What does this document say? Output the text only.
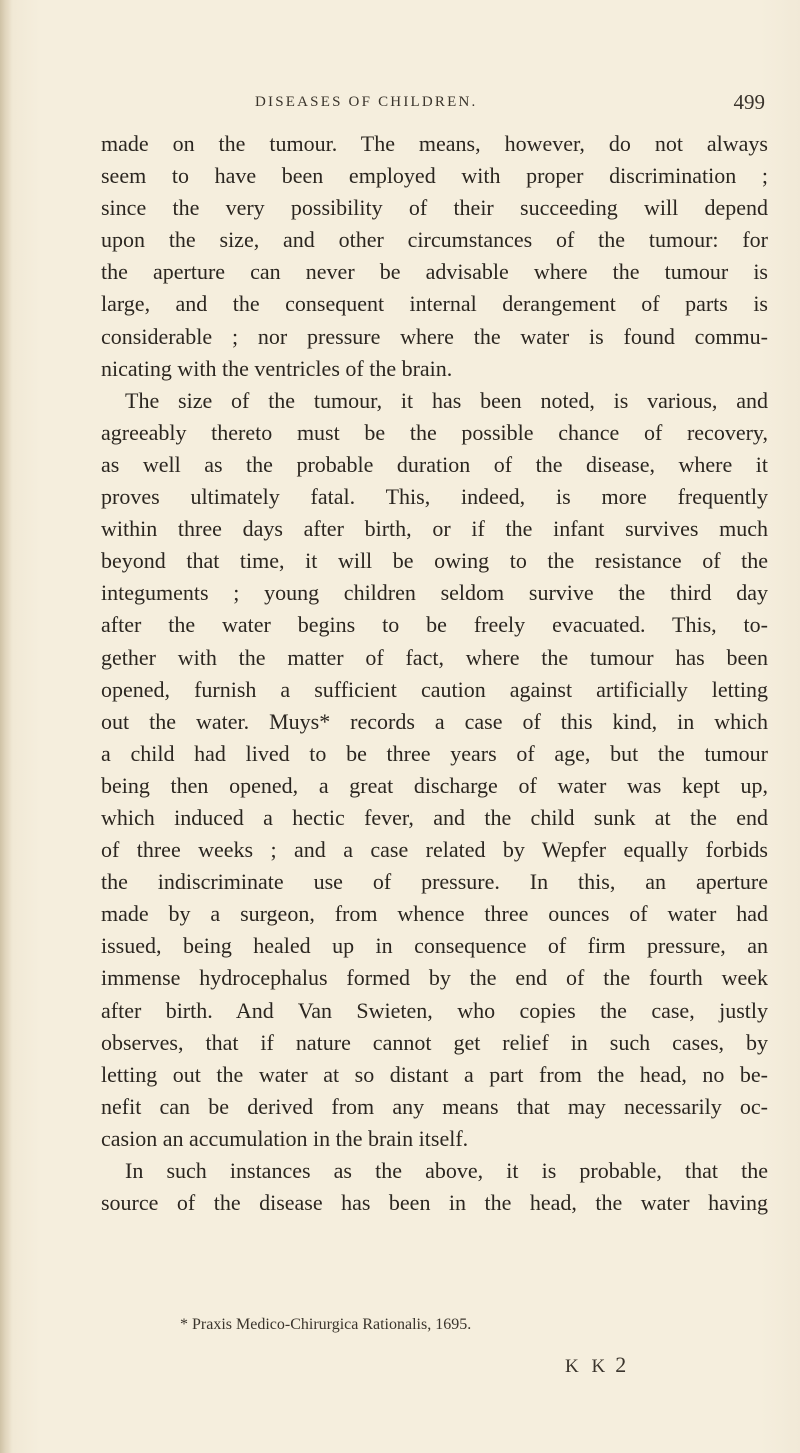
DISEASES OF CHILDREN.	499
made on the tumour. The means, however, do not always
seem to have been employed with proper discrimination ;
since the very possibility of their succeeding will depend
upon the size, and other circumstances of the tumour: for
the aperture can never be advisable where the tumour is
large, and the consequent internal derangement of parts is
considerable ; nor pressure where the water is found commu-
nicating with the ventricles of the brain.
The size of the tumour, it has been noted, is various, and
agreeably thereto must be the possible chance of recovery,
as well as the probable duration of the disease, where it
proves ultimately fatal. This, indeed, is more frequently
within three days after birth, or if the infant survives much
beyond that time, it will be owing to the resistance of the
integuments ; young children seldom survive the third day
after the water begins to be freely evacuated. This, to-
gether with the matter of fact, where the tumour has been
opened, furnish a sufficient caution against artificially letting
out the water. Muys* records a case of this kind, in which
a child had lived to be three years of age, but the tumour
being then opened, a great discharge of water was kept up,
which induced a hectic fever, and the child sunk at the end
of three weeks ; and a case related by Wepfer equally forbids
the indiscriminate use of pressure. In this, an aperture
made by a surgeon, from whence three ounces of water had
issued, being healed up in consequence of firm pressure, an
immense hydrocephalus formed by the end of the fourth week
after birth. And Van Swieten, who copies the case, justly
observes, that if nature cannot get relief in such cases, by
letting out the water at so distant a part from the head, no be-
nefit can be derived from any means that may necessarily oc-
casion an accumulation in the brain itself.
In such instances as the above, it is probable, that the
source of the disease has been in the head, the water having
* Praxis Medico-Chirurgica Rationalis, 1695.
K K 2
